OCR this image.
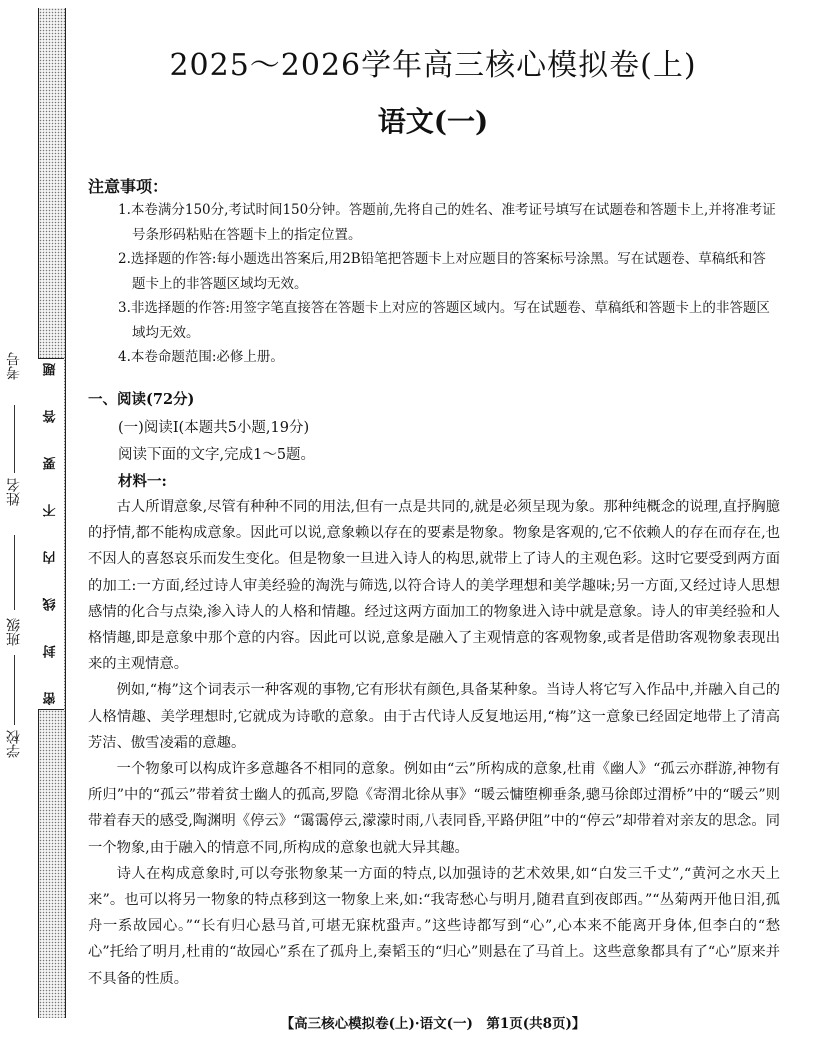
密
封
线
内
不
要
答
题
学校
班级
姓名
考号
2025～2026学年高三核心模拟卷(上)
语文(一)
注意事项：
1.本卷满分150分,考试时间150分钟。答题前,先将自己的姓名、准考证号填写在试题卷和答题卡上,并将准考证号条形码粘贴在答题卡上的指定位置。
2.选择题的作答:每小题选出答案后,用2B铅笔把答题卡上对应题目的答案标号涂黑。写在试题卷、草稿纸和答题卡上的非答题区域均无效。
3.非选择题的作答:用签字笔直接答在答题卡上对应的答题区域内。写在试题卷、草稿纸和答题卡上的非答题区域均无效。
4.本卷命题范围:必修上册。
一、阅读(72分)
(一)阅读Ⅰ(本题共5小题,19分)
阅读下面的文字,完成1～5题。
材料一:

古人所谓意象,尽管有种种不同的用法,但有一点是共同的,就是必须呈现为象。那种纯概念的说理,直抒胸臆的抒情,都不能构成意象。因此可以说,意象赖以存在的要素是物象。物象是客观的,它不依赖人的存在而存在,也不因人的喜怒哀乐而发生变化。但是物象一旦进入诗人的构思,就带上了诗人的主观色彩。这时它要受到两方面的加工:一方面,经过诗人审美经验的淘洗与筛选,以符合诗人的美学理想和美学趣味;另一方面,又经过诗人思想感情的化合与点染,渗入诗人的人格和情趣。经过这两方面加工的物象进入诗中就是意象。诗人的审美经验和人格情趣,即是意象中那个意的内容。因此可以说,意象是融入了主观情意的客观物象,或者是借助客观物象表现出来的主观情意。

例如,“梅”这个词表示一种客观的事物,它有形状有颜色,具备某种象。当诗人将它写入作品中,并融入自己的人格情趣、美学理想时,它就成为诗歌的意象。由于古代诗人反复地运用,“梅”这一意象已经固定地带上了清高芳洁、傲雪凌霜的意趣。

一个物象可以构成许多意趣各不相同的意象。例如由“云”所构成的意象,杜甫《幽人》“孤云亦群游,神物有所归”中的“孤云”带着贫士幽人的孤高,罗隐《寄渭北徐从事》“暖云慵堕柳垂条,骢马徐郎过渭桥”中的“暖云”则带着春天的感受,陶渊明《停云》“霭霭停云,濛濛时雨,八表同昏,平路伊阻”中的“停云”却带着对亲友的思念。同一个物象,由于融入的情意不同,所构成的意象也就大异其趣。

诗人在构成意象时,可以夸张物象某一方面的特点,以加强诗的艺术效果,如“白发三千丈”,“黄河之水天上来”。也可以将另一物象的特点移到这一物象上来,如:“我寄愁心与明月,随君直到夜郎西。”“丛菊两开他日泪,孤舟一系故园心。”“长有归心悬马首,可堪无寐枕蛩声。”这些诗都写到“心”,心本来不能离开身体,但李白的“愁心”托给了明月,杜甫的“故园心”系在了孤舟上,秦韬玉的“归心”则悬在了马首上。这些意象都具有了“心”原来并不具备的性质。

【高三核心模拟卷(上)·语文(一)　第1页(共8页)】
